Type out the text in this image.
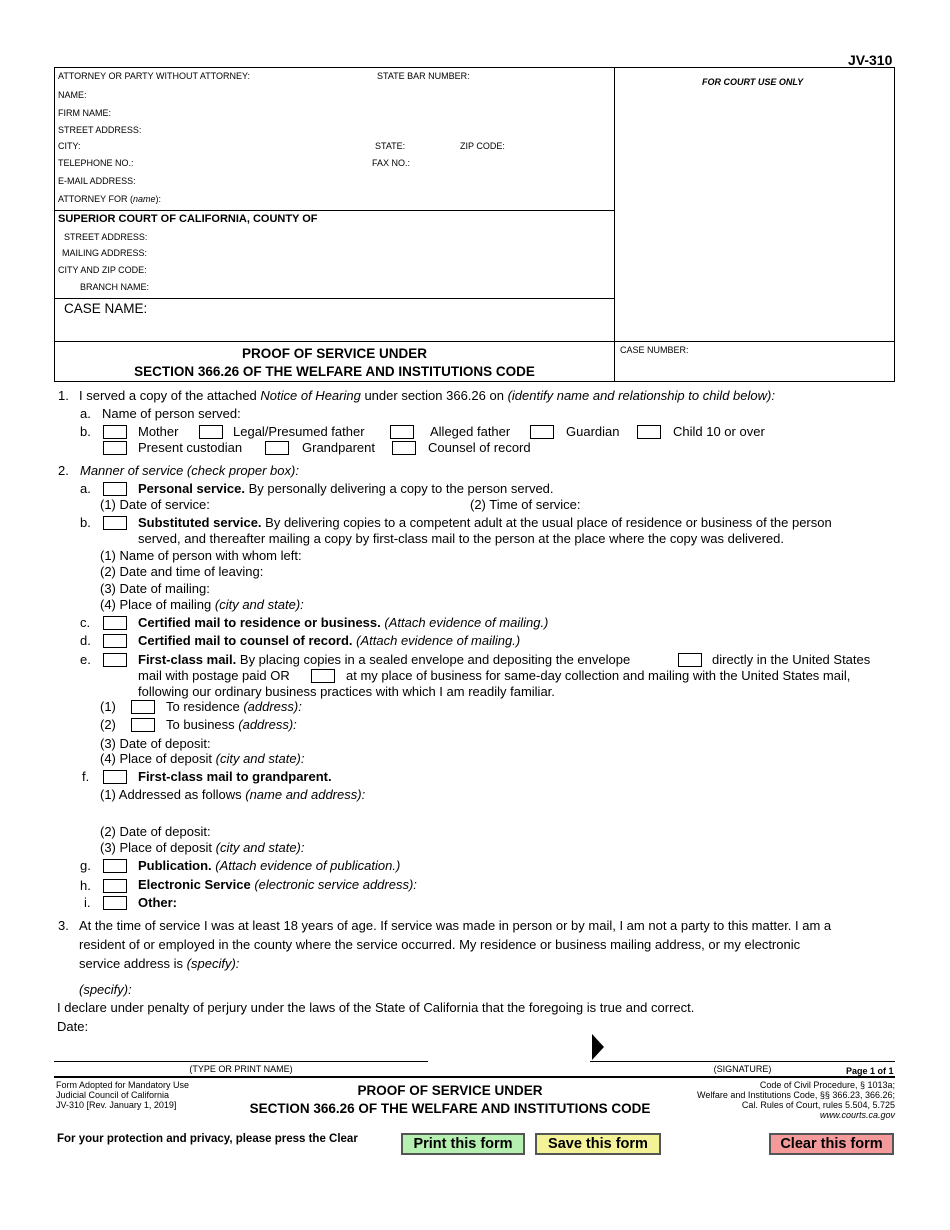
JV-310
ATTORNEY OR PARTY WITHOUT ATTORNEY:	STATE BAR NUMBER:
FOR COURT USE ONLY
NAME:
FIRM NAME:
STREET ADDRESS:
CITY:	STATE:	ZIP CODE:
TELEPHONE NO.:	FAX NO.:
E-MAIL ADDRESS:
ATTORNEY FOR (name):
SUPERIOR COURT OF CALIFORNIA, COUNTY OF
STREET ADDRESS:
MAILING ADDRESS:
CITY AND ZIP CODE:
BRANCH NAME:
CASE NAME:
CASE NUMBER:
PROOF OF SERVICE UNDER
SECTION 366.26 OF THE WELFARE AND INSTITUTIONS CODE
1. I served a copy of the attached Notice of Hearing under section 366.26 on (identify name and relationship to child below):
a. Name of person served:
b.	Mother	Legal/Presumed father	Alleged father	Guardian	Child 10 or over
Present custodian	Grandparent	Counsel of record
2. Manner of service (check proper box):
a.	Personal service. By personally delivering a copy to the person served.
(1) Date of service:	(2) Time of service:
b.	Substituted service. By delivering copies to a competent adult at the usual place of residence or business of the person
served, and thereafter mailing a copy by first-class mail to the person at the place where the copy was delivered.
(1) Name of person with whom left:
(2) Date and time of leaving:
(3) Date of mailing:
(4) Place of mailing (city and state):
c.	Certified mail to residence or business. (Attach evidence of mailing.)
d.	Certified mail to counsel of record. (Attach evidence of mailing.)
e.	First-class mail. By placing copies in a sealed envelope and depositing the envelope	directly in the United States
mail with postage paid OR	at my place of business for same-day collection and mailing with the United States mail,
following our ordinary business practices with which I am readily familiar.
(1)	To residence (address):
(2)	To business (address):
(3) Date of deposit:
(4) Place of deposit (city and state):
f.	First-class mail to grandparent.
(1) Addressed as follows (name and address):
(2) Date of deposit:
(3) Place of deposit (city and state):
g.	Publication. (Attach evidence of publication.)
h.	Electronic Service (electronic service address):
i.	Other:
3. At the time of service I was at least 18 years of age. If service was made in person or by mail, I am not a party to this matter. I am a
resident of or employed in the county where the service occurred. My residence or business mailing address, or my electronic
service address is (specify):
(specify):
I declare under penalty of perjury under the laws of the State of California that the foregoing is true and correct.
Date:
(TYPE OR PRINT NAME)	(SIGNATURE)	Page 1 of 1
Form Adopted for Mandatory Use
Judicial Council of California
JV-310 [Rev. January 1, 2019]
PROOF OF SERVICE UNDER
SECTION 366.26 OF THE WELFARE AND INSTITUTIONS CODE
Code of Civil Procedure, § 1013a;
Welfare and Institutions Code, §§ 366.23, 366.26;
Cal. Rules of Court, rules 5.504, 5.725
www.courts.ca.gov
For your protection and privacy, please press the Clear	Print this form	Save this form	Clear this form
